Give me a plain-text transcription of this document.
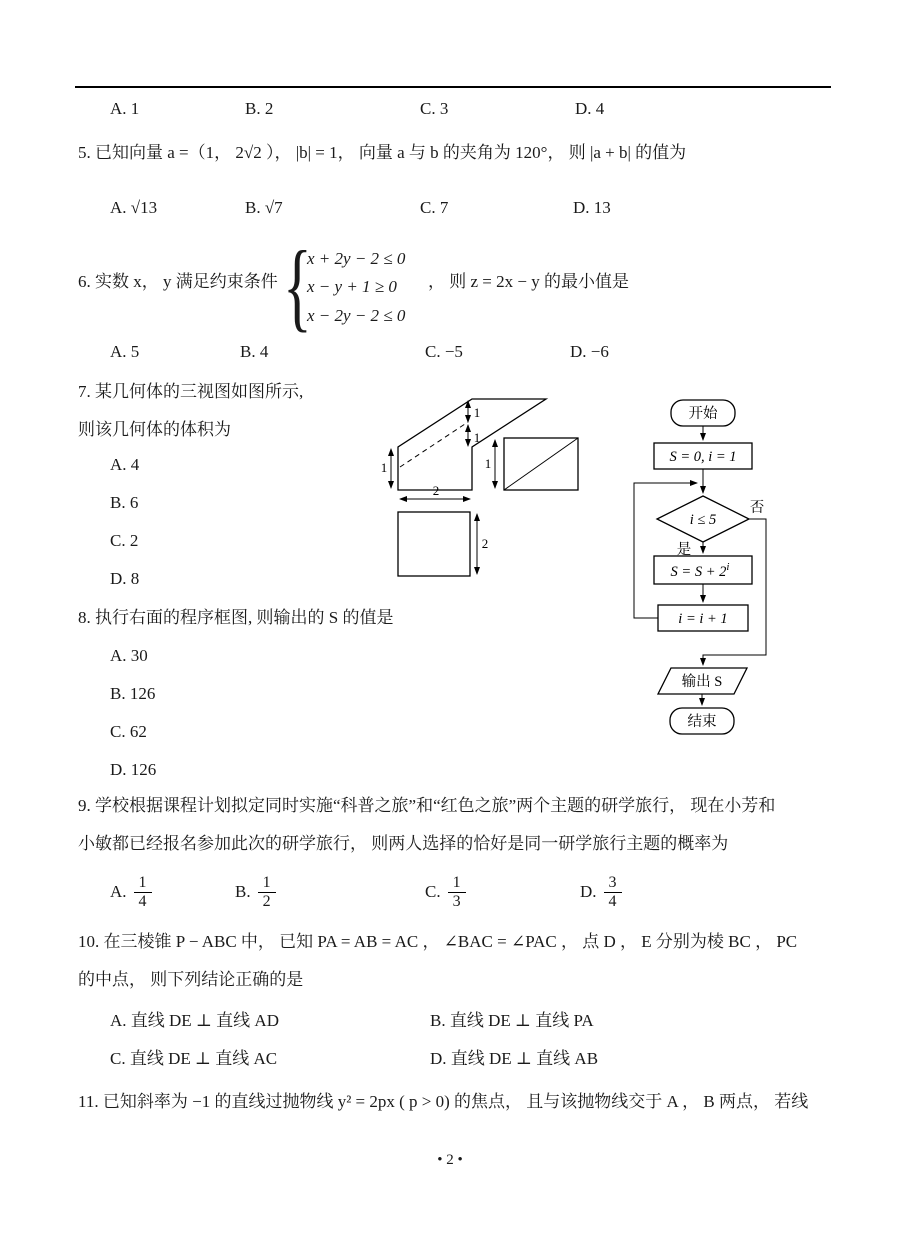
A. 1	B. 2	C. 3	D. 4
5. 已知向量 a =（1， 2√2 ）， |b| = 1， 向量 a 与 b 的夹角为 120°， 则 |a + b| 的值为
A. √13	B. √7	C. 7	D. 13
6. 实数 x， y 满足约束条件 {
x + 2y − 2 ≤ 0
x − y + 1 ≥ 0
x − 2y − 2 ≤ 0
， 则 z = 2x − y 的最小值是
A. 5	B. 4	C. −5	D. −6
7. 某几何体的三视图如图所示,
则该几何体的体积为
A. 4
B. 6
C. 2
D. 8
1
1
1
2
1
2
8. 执行右面的程序框图, 则输出的 S 的值是
A. 30
B. 126
C. 62
D. 126
开始
S = 0, i = 1
i ≤ 5
否
是
$S = S + 2^i$
i = i + 1
输出 S
结束
9. 学校根据课程计划拟定同时实施“科普之旅”和“红色之旅”两个主题的研学旅行， 现在小芳和
小敏都已经报名参加此次的研学旅行， 则两人选择的恰好是同一研学旅行主题的概率为
A. $\frac{1}{4}$	B. $\frac{1}{2}$	C. $\frac{1}{3}$	D. $\frac{3}{4}$
10. 在三棱锥 P − ABC 中， 已知 PA = AB = AC ， ∠BAC = ∠PAC ， 点 D ， E 分别为棱 BC ， PC
的中点， 则下列结论正确的是
A. 直线 DE ⊥ 直线 AD	B. 直线 DE ⊥ 直线 PA
C. 直线 DE ⊥ 直线 AC	D. 直线 DE ⊥ 直线 AB
11. 已知斜率为 −1 的直线过抛物线 y² = 2px ( p > 0) 的焦点， 且与该抛物线交于 A ， B 两点， 若线
• 2 •
